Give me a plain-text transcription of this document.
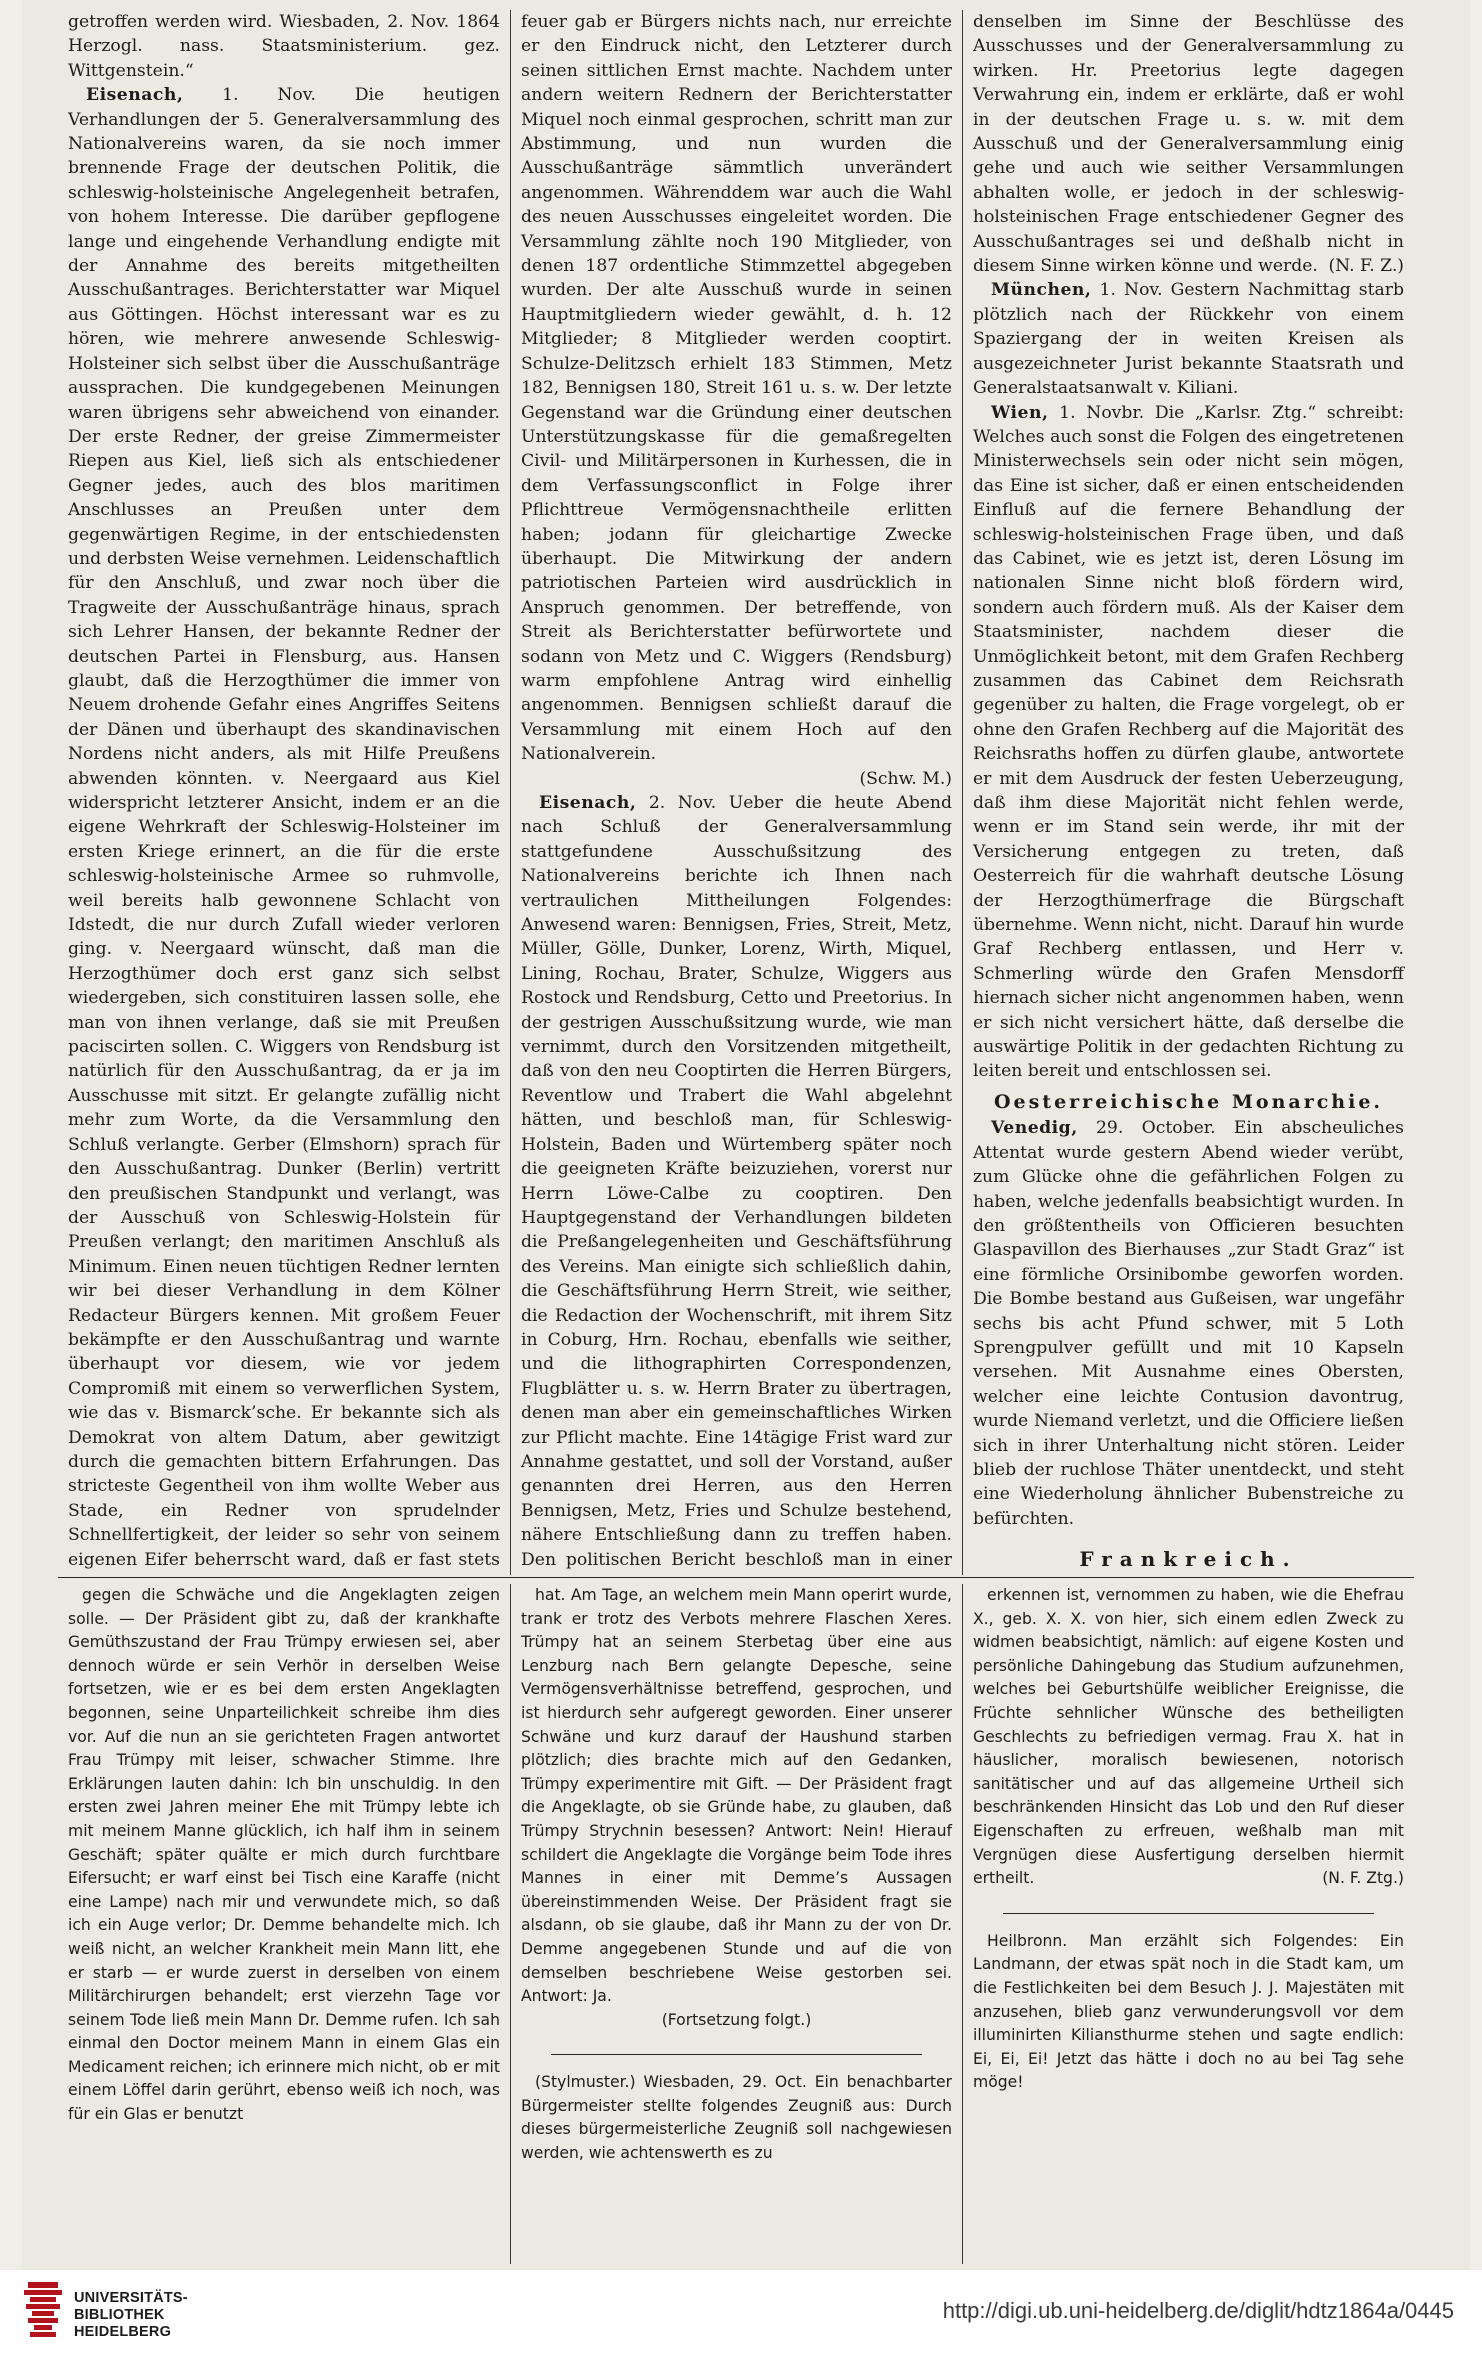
getroffen werden wird. Wiesbaden, 2. Nov. 1864 Herzogl. nass. Staatsministerium. gez. Wittgenstein.“

Eisenach, 1. Nov. Die heutigen Verhandlungen der 5. Generalversammlung des Nationalvereins waren, da sie noch immer brennende Frage der deutschen Politik, die schleswig-holsteinische Angelegenheit betrafen, von hohem Interesse. Die darüber gepflogene lange und eingehende Verhandlung endigte mit der Annahme des bereits mitgetheilten Ausschußantrages. Berichterstatter war Miquel aus Göttingen. Höchst interessant war es zu hören, wie mehrere anwesende Schleswig-Holsteiner sich selbst über die Ausschußanträge aussprachen. Die kundgegebenen Meinungen waren übrigens sehr abweichend von einander. Der erste Redner, der greise Zimmermeister Riepen aus Kiel, ließ sich als entschiedener Gegner jedes, auch des blos maritimen Anschlusses an Preußen unter dem gegenwärtigen Regime, in der entschiedensten und derbsten Weise vernehmen. Leidenschaftlich für den Anschluß, und zwar noch über die Tragweite der Ausschußanträge hinaus, sprach sich Lehrer Hansen, der bekannte Redner der deutschen Partei in Flensburg, aus. Hansen glaubt, daß die Herzogthümer die immer von Neuem drohende Gefahr eines Angriffes Seitens der Dänen und überhaupt des skandinavischen Nordens nicht anders, als mit Hilfe Preußens abwenden könnten. v. Neergaard aus Kiel widerspricht letzterer Ansicht, indem er an die eigene Wehrkraft der Schleswig-Holsteiner im ersten Kriege erinnert, an die für die erste schleswig-holsteinische Armee so ruhmvolle, weil bereits halb gewonnene Schlacht von Idstedt, die nur durch Zufall wieder verloren ging. v. Neergaard wünscht, daß man die Herzogthümer doch erst ganz sich selbst wiedergeben, sich constituiren lassen solle, ehe man von ihnen verlange, daß sie mit Preußen paciscirten sollen. C. Wiggers von Rendsburg ist natürlich für den Ausschußantrag, da er ja im Ausschusse mit sitzt. Er gelangte zufällig nicht mehr zum Worte, da die Versammlung den Schluß verlangte. Gerber (Elmshorn) sprach für den Ausschußantrag. Dunker (Berlin) vertritt den preußischen Standpunkt und verlangt, was der Ausschuß von Schleswig-Holstein für Preußen verlangt; den maritimen Anschluß als Minimum. Einen neuen tüchtigen Redner lernten wir bei dieser Verhandlung in dem Kölner Redacteur Bürgers kennen. Mit großem Feuer bekämpfte er den Ausschußantrag und warnte überhaupt vor diesem, wie vor jedem Compromiß mit einem so verwerflichen System, wie das v. Bismarck’sche. Er bekannte sich als Demokrat von altem Datum, aber gewitzigt durch die gemachten bittern Erfahrungen. Das stricteste Gegentheil von ihm wollte Weber aus Stade, ein Redner von sprudelnder Schnellfertigkeit, der leider so sehr von seinem eigenen Eifer beherrscht ward, daß er fast stets

feuer gab er Bürgers nichts nach, nur erreichte er den Eindruck nicht, den Letzterer durch seinen sittlichen Ernst machte. Nachdem unter andern weitern Rednern der Berichterstatter Miquel noch einmal gesprochen, schritt man zur Abstimmung, und nun wurden die Ausschußanträge sämmtlich unverändert angenommen. Währenddem war auch die Wahl des neuen Ausschusses eingeleitet worden. Die Versammlung zählte noch 190 Mitglieder, von denen 187 ordentliche Stimmzettel abgegeben wurden. Der alte Ausschuß wurde in seinen Hauptmitgliedern wieder gewählt, d. h. 12 Mitglieder; 8 Mitglieder werden cooptirt. Schulze-Delitzsch erhielt 183 Stimmen, Metz 182, Bennigsen 180, Streit 161 u. s. w. Der letzte Gegenstand war die Gründung einer deutschen Unterstützungskasse für die gemaßregelten Civil- und Militärpersonen in Kurhessen, die in dem Verfassungsconflict in Folge ihrer Pflichttreue Vermögensnachtheile erlitten haben; jodann für gleichartige Zwecke überhaupt. Die Mitwirkung der andern patriotischen Parteien wird ausdrücklich in Anspruch genommen. Der betreffende, von Streit als Berichterstatter befürwortete und sodann von Metz und C. Wiggers (Rendsburg) warm empfohlene Antrag wird einhellig angenommen. Bennigsen schließt darauf die Versammlung mit einem Hoch auf den Nationalverein.

(Schw. M.)

Eisenach, 2. Nov. Ueber die heute Abend nach Schluß der Generalversammlung stattgefundene Ausschußsitzung des Nationalvereins berichte ich Ihnen nach vertraulichen Mittheilungen Folgendes: Anwesend waren: Bennigsen, Fries, Streit, Metz, Müller, Gölle, Dunker, Lorenz, Wirth, Miquel, Lining, Rochau, Brater, Schulze, Wiggers aus Rostock und Rendsburg, Cetto und Preetorius. In der gestrigen Ausschußsitzung wurde, wie man vernimmt, durch den Vorsitzenden mitgetheilt, daß von den neu Cooptirten die Herren Bürgers, Reventlow und Trabert die Wahl abgelehnt hätten, und beschloß man, für Schleswig-Holstein, Baden und Würtemberg später noch die geeigneten Kräfte beizuziehen, vorerst nur Herrn Löwe-Calbe zu cooptiren. Den Hauptgegenstand der Verhandlungen bildeten die Preßangelegenheiten und Geschäftsführung des Vereins. Man einigte sich schließlich dahin, die Geschäftsführung Herrn Streit, wie seither, die Redaction der Wochenschrift, mit ihrem Sitz in Coburg, Hrn. Rochau, ebenfalls wie seither, und die lithographirten Correspondenzen, Flugblätter u. s. w. Herrn Brater zu übertragen, denen man aber ein gemeinschaftliches Wirken zur Pflicht machte. Eine 14tägige Frist ward zur Annahme gestattet, und soll der Vorstand, außer genannten drei Herren, aus den Herren Bennigsen, Metz, Fries und Schulze bestehend, nähere Entschließung dann zu treffen haben. Den politischen Bericht beschloß man in einer

denselben im Sinne der Beschlüsse des Ausschusses und der Generalversammlung zu wirken. Hr. Preetorius legte dagegen Verwahrung ein, indem er erklärte, daß er wohl in der deutschen Frage u. s. w. mit dem Ausschuß und der Generalversammlung einig gehe und auch wie seither Versammlungen abhalten wolle, er jedoch in der schleswig-holsteinischen Frage entschiedener Gegner des Ausschußantrages sei und deßhalb nicht in diesem Sinne wirken könne und werde. (N. F. Z.)

München, 1. Nov. Gestern Nachmittag starb plötzlich nach der Rückkehr von einem Spaziergang der in weiten Kreisen als ausgezeichneter Jurist bekannte Staatsrath und Generalstaatsanwalt v. Kiliani.

Wien, 1. Novbr. Die „Karlsr. Ztg.“ schreibt: Welches auch sonst die Folgen des eingetretenen Ministerwechsels sein oder nicht sein mögen, das Eine ist sicher, daß er einen entscheidenden Einfluß auf die fernere Behandlung der schleswig-holsteinischen Frage üben, und daß das Cabinet, wie es jetzt ist, deren Lösung im nationalen Sinne nicht bloß fördern wird, sondern auch fördern muß. Als der Kaiser dem Staatsminister, nachdem dieser die Unmöglichkeit betont, mit dem Grafen Rechberg zusammen das Cabinet dem Reichsrath gegenüber zu halten, die Frage vorgelegt, ob er ohne den Grafen Rechberg auf die Majorität des Reichsraths hoffen zu dürfen glaube, antwortete er mit dem Ausdruck der festen Ueberzeugung, daß ihm diese Majorität nicht fehlen werde, wenn er im Stand sein werde, ihr mit der Versicherung entgegen zu treten, daß Oesterreich für die wahrhaft deutsche Lösung der Herzogthümerfrage die Bürgschaft übernehme. Wenn nicht, nicht. Darauf hin wurde Graf Rechberg entlassen, und Herr v. Schmerling würde den Grafen Mensdorff hiernach sicher nicht angenommen haben, wenn er sich nicht versichert hätte, daß derselbe die auswärtige Politik in der gedachten Richtung zu leiten bereit und entschlossen sei.

Oesterreichische Monarchie.

Venedig, 29. October. Ein abscheuliches Attentat wurde gestern Abend wieder verübt, zum Glücke ohne die gefährlichen Folgen zu haben, welche jedenfalls beabsichtigt wurden. In den größtentheils von Officieren besuchten Glaspavillon des Bierhauses „zur Stadt Graz“ ist eine förmliche Orsinibombe geworfen worden. Die Bombe bestand aus Gußeisen, war ungefähr sechs bis acht Pfund schwer, mit 5 Loth Sprengpulver gefüllt und mit 10 Kapseln versehen. Mit Ausnahme eines Obersten, welcher eine leichte Contusion davontrug, wurde Niemand verletzt, und die Officiere ließen sich in ihrer Unterhaltung nicht stören. Leider blieb der ruchlose Thäter unentdeckt, und steht eine Wiederholung ähnlicher Bubenstreiche zu befürchten.

Frankreich.

gegen die Schwäche und die Angeklagten zeigen solle. — Der Präsident gibt zu, daß der krankhafte Gemüthszustand der Frau Trümpy erwiesen sei, aber dennoch würde er sein Verhör in derselben Weise fortsetzen, wie er es bei dem ersten Angeklagten begonnen, seine Unparteilichkeit schreibe ihm dies vor. Auf die nun an sie gerichteten Fragen antwortet Frau Trümpy mit leiser, schwacher Stimme. Ihre Erklärungen lauten dahin: Ich bin unschuldig. In den ersten zwei Jahren meiner Ehe mit Trümpy lebte ich mit meinem Manne glücklich, ich half ihm in seinem Geschäft; später quälte er mich durch furchtbare Eifersucht; er warf einst bei Tisch eine Karaffe (nicht eine Lampe) nach mir und verwundete mich, so daß ich ein Auge verlor; Dr. Demme behandelte mich. Ich weiß nicht, an welcher Krankheit mein Mann litt, ehe er starb — er wurde zuerst in derselben von einem Militärchirurgen behandelt; erst vierzehn Tage vor seinem Tode ließ mein Mann Dr. Demme rufen. Ich sah einmal den Doctor meinem Mann in einem Glas ein Medicament reichen; ich erinnere mich nicht, ob er mit einem Löffel darin gerührt, ebenso weiß ich noch, was für ein Glas er benutzt

hat. Am Tage, an welchem mein Mann operirt wurde, trank er trotz des Verbots mehrere Flaschen Xeres. Trümpy hat an seinem Sterbetag über eine aus Lenzburg nach Bern gelangte Depesche, seine Vermögensverhältnisse betreffend, gesprochen, und ist hierdurch sehr aufgeregt geworden. Einer unserer Schwäne und kurz darauf der Haushund starben plötzlich; dies brachte mich auf den Gedanken, Trümpy experimentire mit Gift. — Der Präsident fragt die Angeklagte, ob sie Gründe habe, zu glauben, daß Trümpy Strychnin besessen? Antwort: Nein! Hierauf schildert die Angeklagte die Vorgänge beim Tode ihres Mannes in einer mit Demme’s Aussagen übereinstimmenden Weise. Der Präsident fragt sie alsdann, ob sie glaube, daß ihr Mann zu der von Dr. Demme angegebenen Stunde und auf die von demselben beschriebene Weise gestorben sei. Antwort: Ja.

(Fortsetzung folgt.)

(Stylmuster.) Wiesbaden, 29. Oct. Ein benachbarter Bürgermeister stellte folgendes Zeugniß aus: Durch dieses bürgermeisterliche Zeugniß soll nachgewiesen werden, wie achtenswerth es zu

erkennen ist, vernommen zu haben, wie die Ehefrau X., geb. X. X. von hier, sich einem edlen Zweck zu widmen beabsichtigt, nämlich: auf eigene Kosten und persönliche Dahingebung das Studium aufzunehmen, welches bei Geburtshülfe weiblicher Ereignisse, die Früchte sehnlicher Wünsche des betheiligten Geschlechts zu befriedigen vermag. Frau X. hat in häuslicher, moralisch bewiesenen, notorisch sanitätischer und auf das allgemeine Urtheil sich beschränkenden Hinsicht das Lob und den Ruf dieser Eigenschaften zu erfreuen, weßhalb man mit Vergnügen diese Ausfertigung derselben hiermit ertheilt.	(N. F. Ztg.)

Heilbronn. Man erzählt sich Folgendes: Ein Landmann, der etwas spät noch in die Stadt kam, um die Festlichkeiten bei dem Besuch J. J. Majestäten mit anzusehen, blieb ganz verwunderungsvoll vor dem illuminirten Kiliansthurme stehen und sagte endlich: Ei, Ei, Ei! Jetzt das hätte i doch no au bei Tag sehe möge!

UNIVERSITÄTS-
BIBLIOTHEK
HEIDELBERG
http://digi.ub.uni-heidelberg.de/diglit/hdtz1864a/0445
